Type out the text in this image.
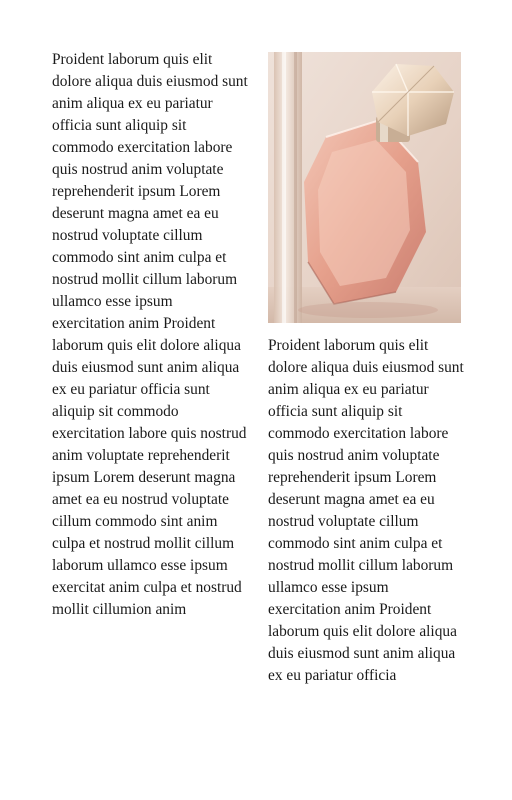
Proident laborum quis elit dolore aliqua duis eiusmod sunt anim aliqua ex eu pariatur officia sunt aliquip sit commodo exercitation labore quis nostrud anim voluptate reprehenderit ipsum Lorem deserunt magna amet ea eu nostrud voluptate cillum commodo sint anim culpa et nostrud mollit cillum laborum ullamco esse ipsum exercitation anim Proident laborum quis elit dolore aliqua duis eiusmod sunt anim aliqua ex eu pariatur officia sunt aliquip sit commodo exercitation labore quis nostrud anim voluptate reprehenderit ipsum Lorem deserunt magna amet ea eu nostrud voluptate cillum commodo sint anim culpa et nostrud mollit cillum laborum ullamco esse ipsum exercitat anim culpa et nostrud mollit cillumion anim

Proident laborum quis elit dolore aliqua duis eiusmod sunt anim aliqua ex eu pariatur officia sunt aliquip sit commodo exercitation labore quis nostrud anim voluptate reprehenderit ipsum Lorem deserunt magna amet ea eu nostrud voluptate cillum commodo sint anim culpa et nostrud mollit cillum laborum ullamco esse ipsum exercitation anim Proident laborum quis elit dolore aliqua duis eiusmod sunt anim aliqua ex eu pariatur officia
